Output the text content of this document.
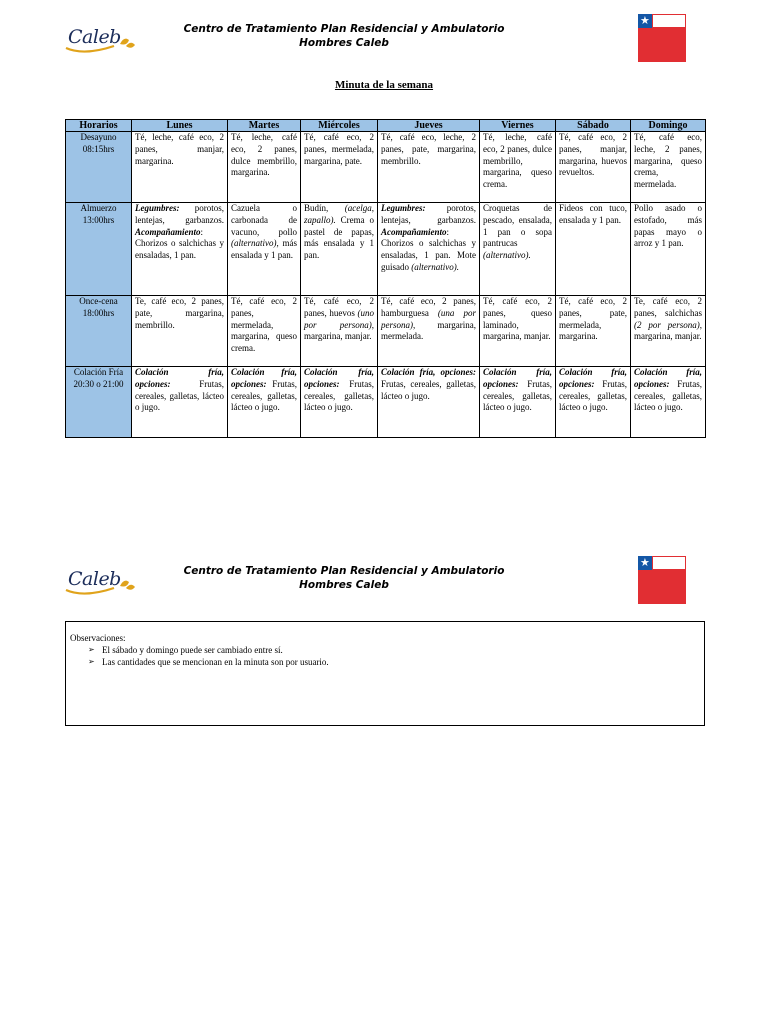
Caleb	Centro de Tratamiento Plan Residencial y Ambulatorio
Hombres Caleb
★
Minuta de la semana
Horarios	Lunes	Martes	Miércoles	Jueves	Viernes	Sábado	Domingo
Desayuno 08:15hrs	Té, leche, café eco, 2 panes, manjar, margarina.	Té, leche, café eco, 2 panes, dulce membrillo, margarina.	Té, café eco, 2 panes, mermelada, margarina, pate.	Té, café eco, leche, 2 panes, pate, margarina, membrillo.	Té, leche, café eco, 2 panes, dulce membrillo, margarina, queso crema.	Té, café eco, 2 panes, manjar, margarina, huevos revueltos.	Té, café eco, leche, 2 panes, margarina, queso crema, mermelada.
Almuerzo 13:00hrs	Legumbres: porotos, lentejas, garbanzos. Acompañamiento: Chorizos o salchichas y ensaladas, 1 pan.	Cazuela o carbonada de vacuno, pollo (alternativo), más ensalada y 1 pan.	Budín, (acelga, zapallo). Crema o pastel de papas, más ensalada y 1 pan.	Legumbres: porotos, lentejas, garbanzos. Acompañamiento: Chorizos o salchichas y ensaladas, 1 pan. Mote guisado (alternativo).	Croquetas de pescado, ensalada, 1 pan o sopa pantrucas (alternativo).	Fideos con tuco, ensalada y 1 pan.	Pollo asado o estofado, más papas mayo o arroz y 1 pan.
Once-cena 18:00hrs	Te, café eco, 2 panes, pate, margarina, membrillo.	Té, café eco, 2 panes, mermelada, margarina, queso crema.	Té, café eco, 2 panes, huevos (uno por persona), margarina, manjar.	Té, café eco, 2 panes, hamburguesa (una por persona), margarina, mermelada.	Té, café eco, 2 panes, queso laminado, margarina, manjar.	Té, café eco, 2 panes, pate, mermelada, margarina.	Te, café eco, 2 panes, salchichas (2 por persona), margarina, manjar.
Colación Fría 20:30 o 21:00	Colación fría, opciones: Frutas, cereales, galletas, lácteo o jugo.	Colación fría, opciones: Frutas, cereales, galletas, lácteo o jugo.	Colación fría, opciones: Frutas, cereales, galletas, lácteo o jugo.	Colación fría, opciones: Frutas, cereales, galletas, lácteo o jugo.	Colación fría, opciones: Frutas, cereales, galletas, lácteo o jugo.	Colación fría, opciones: Frutas, cereales, galletas, lácteo o jugo.	Colación fría, opciones: Frutas, cereales, galletas, lácteo o jugo.
Caleb	Centro de Tratamiento Plan Residencial y Ambulatorio
Hombres Caleb
★
Observaciones:
➢ El sábado y domingo puede ser cambiado entre sí.
➢ Las cantidades que se mencionan en la minuta son por usuario.
